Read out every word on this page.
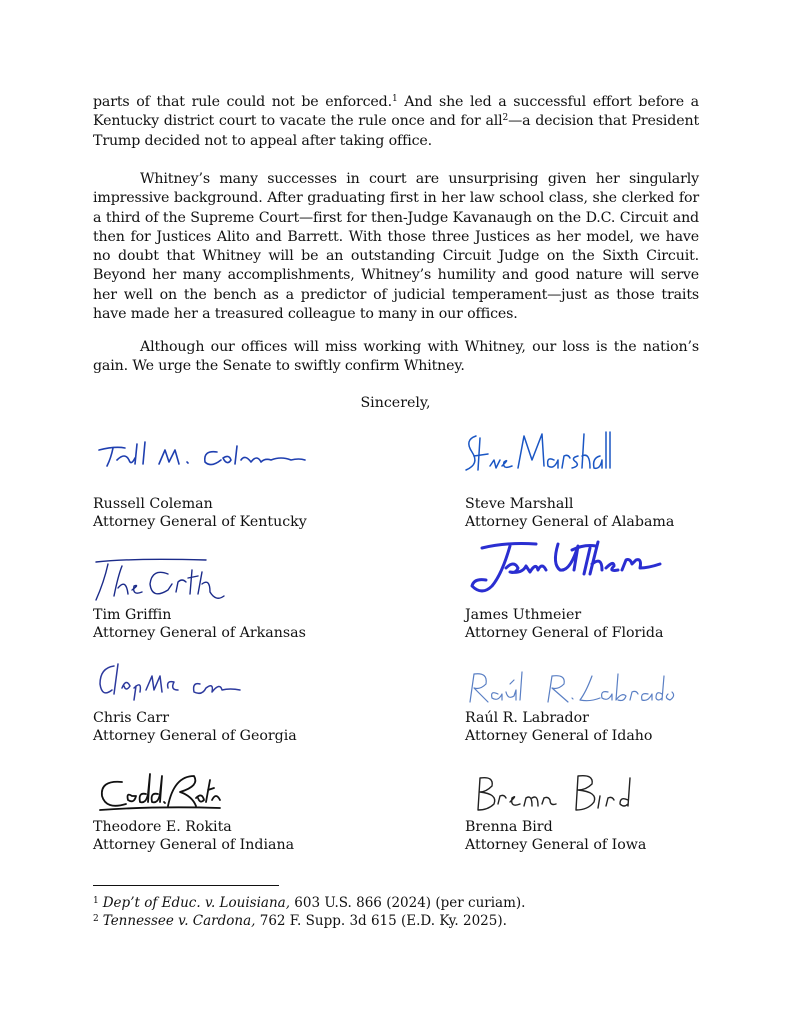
parts of that rule could not be enforced.$^1$ And she led a successful effort before a Kentucky district court to vacate the rule once and for all$^2$—a decision that President Trump decided not to appeal after taking office.

Whitney’s many successes in court are unsurprising given her singularly impressive background. After graduating first in her law school class, she clerked for a third of the Supreme Court—first for then-Judge Kavanaugh on the D.C. Circuit and then for Justices Alito and Barrett. With those three Justices as her model, we have no doubt that Whitney will be an outstanding Circuit Judge on the Sixth Circuit. Beyond her many accomplishments, Whitney’s humility and good nature will serve her well on the bench as a predictor of judicial temperament—just as those traits have made her a treasured colleague to many in our offices.

Although our offices will miss working with Whitney, our loss is the nation’s gain. We urge the Senate to swiftly confirm Whitney.

Sincerely,
Russell Coleman
Attorney General of Kentucky
Steve Marshall
Attorney General of Alabama
Tim Griffin
Attorney General of Arkansas
James Uthmeier
Attorney General of Florida
Chris Carr
Attorney General of Georgia
Raúl R. Labrador
Attorney General of Idaho
Theodore E. Rokita
Attorney General of Indiana
Brenna Bird
Attorney General of Iowa
$^1$ Dep’t of Educ. v. Louisiana, 603 U.S. 866 (2024) (per curiam).
$^2$ Tennessee v. Cardona, 762 F. Supp. 3d 615 (E.D. Ky. 2025).
